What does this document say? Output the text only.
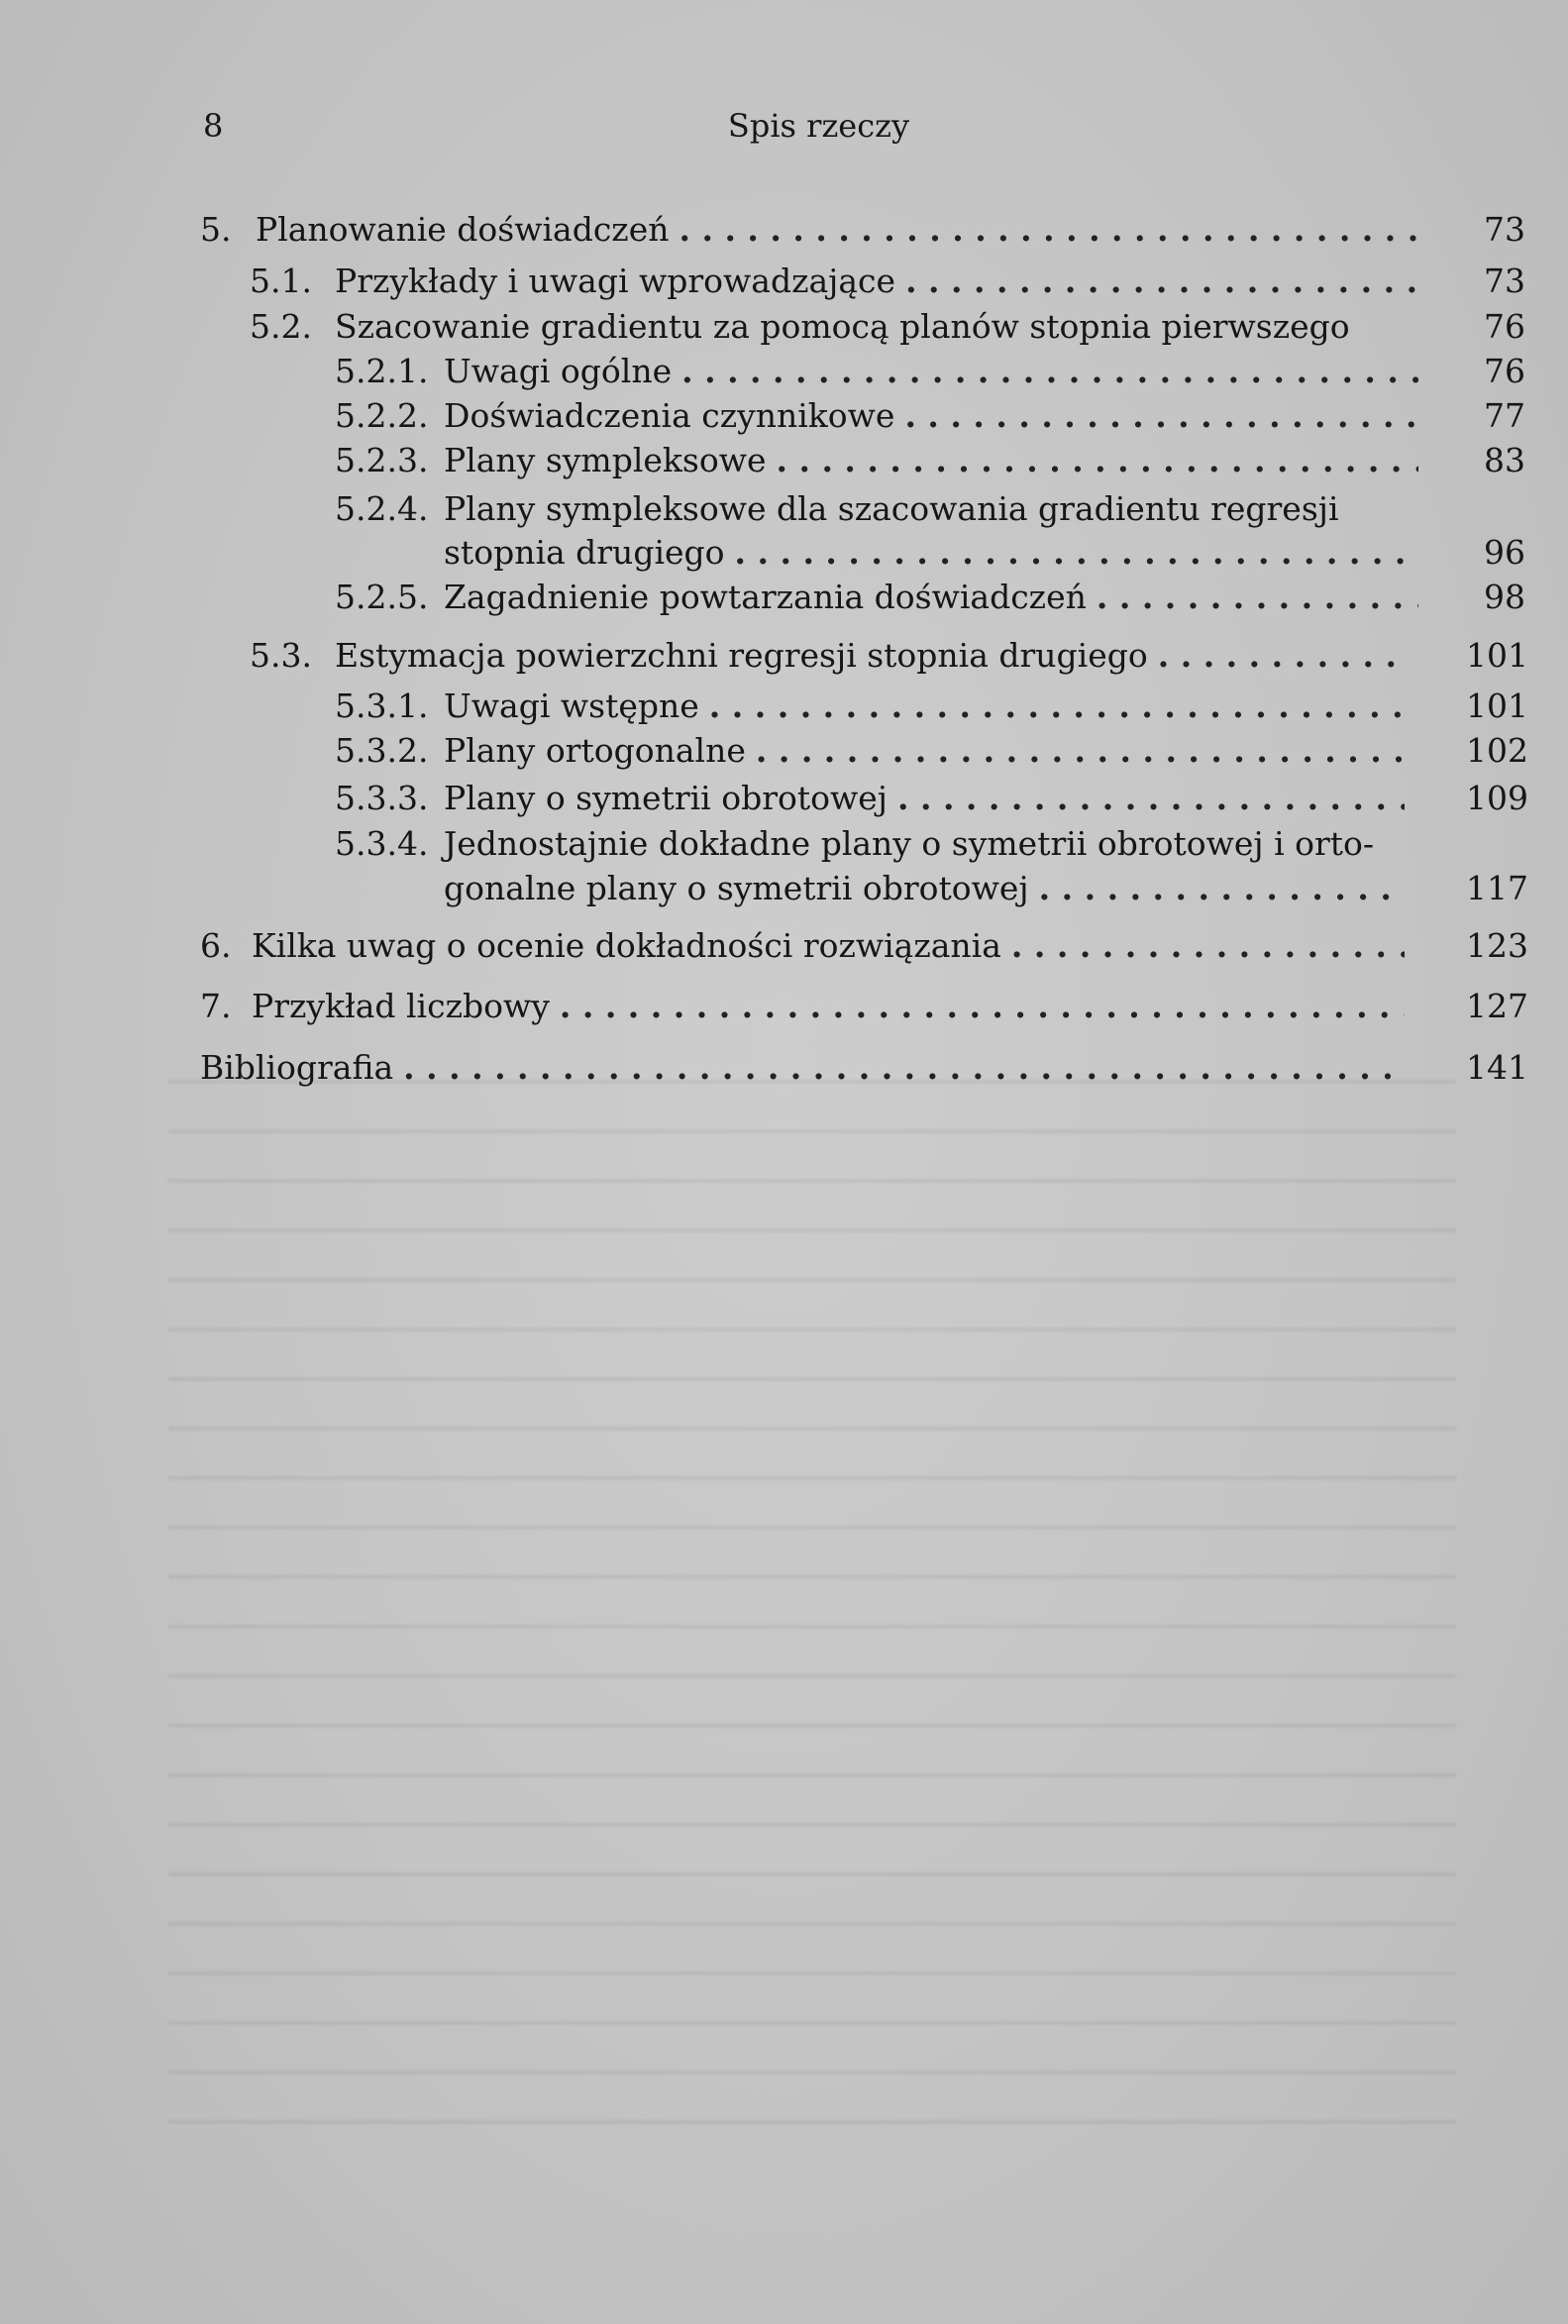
8	Spis rzeczy
5. Planowanie doświadczeń . . .	73
5.1. Przykłady i uwagi wprowadzające . . .	73
5.2. Szacowanie gradientu za pomocą planów stopnia pierwszego	76
5.2.1. Uwagi ogólne . . .	76
5.2.2. Doświadczenia czynnikowe . . .	77
5.2.3. Plany sympleksowe . . .	83
5.2.4. Plany sympleksowe dla szacowania gradientu regresji
stopnia drugiego . . .	96
5.2.5. Zagadnienie powtarzania doświadczeń . . .	98
5.3. Estymacja powierzchni regresji stopnia drugiego . . .	101
5.3.1. Uwagi wstępne . . .	101
5.3.2. Plany ortogonalne . . .	102
5.3.3. Plany o symetrii obrotowej . . .	109
5.3.4. Jednostajnie dokładne plany o symetrii obrotowej i orto-
gonalne plany o symetrii obrotowej . . .	117
6. Kilka uwag o ocenie dokładności rozwiązania . . .	123
7. Przykład liczbowy . . .	127
Bibliografia . . .	141
